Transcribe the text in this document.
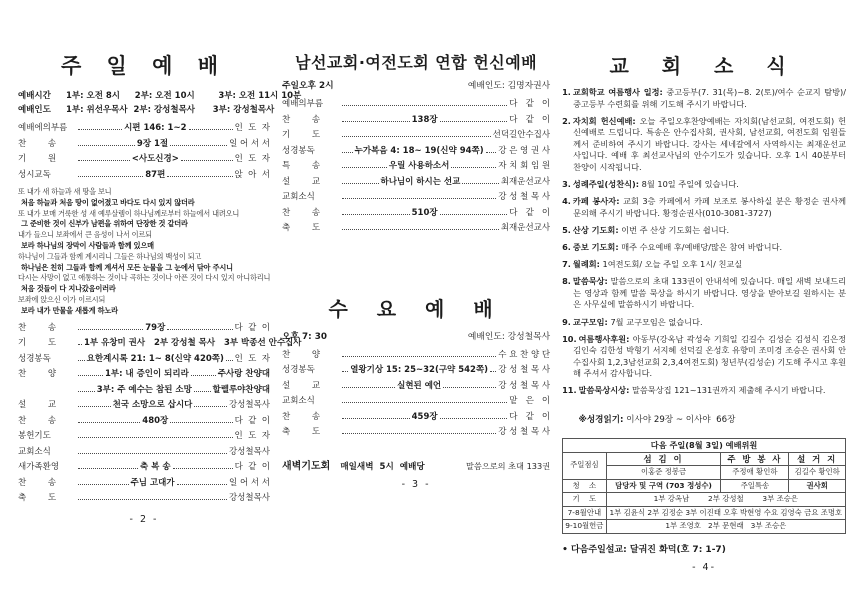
주 일 예 배
예배시간	1부: 오전 8시     2부: 오전 10시        3부: 오전 11시 10분
예배인도	1부: 위선우목사  2부: 강성철목사      3부: 강성철목사
예배에의부름	시편 146: 1~2	인  도  자
찬        송	9장 1절	일 어 서 서
기        원	<사도신경>	인  도  자
성시교독	87편	앉  아  서
또 내가 새 하늘과 새 땅을 보니
처음 하늘과 처음 땅이 없어졌고 바다도 다시 있지 않더라
또 내가 보매 거룩한 성 새 예루살렘이 하나님께로부터 하늘에서 내려오니
그 준비한 것이 신부가 남편을 위하여 단장한 것 같더라
내가 들으니 보좌에서 큰 음성이 나서 이르되
보라 하나님의 장막이 사람들과 함께 있으매
하나님이 그들과 함께 계시리니 그들은 하나님의 백성이 되고
하나님은 친히 그들과 함께 계셔서 모든 눈물을 그 눈에서 닦아 주시니
다시는 사망이 없고 애통하는 것이나 곡하는 것이나 아픈 것이 다시 있지 아니하리니
처음 것들이 다 지나갔음이러라
보좌에 앉으신 이가 이르시되
보라 내가 만물을 새롭게 하노라
찬        송	79장	다  같  이
기        도	1부 유창미 권사   2부 강성철 목사   3부 박종선 안수집사
성경봉독	요한계시록 21: 1~ 8(신약 420쪽) 인  도  자
찬        양	1부: 내 증인이 되리라	주사랑 찬양대
3부: 주 예수는 참된 소망 할렐루야찬양대
설        교	천국 소망으로 삽시다	강성철목사
찬        송	480장	다  같  이
봉헌기도	인  도  자
교회소식	강성철목사
새가족환영	축 복 송	다  같  이
찬        송	주님 고대가	일 어 서 서
축        도	강성철목사
- 2 -
남선교회·여전도회 연합 헌신예배
주일오후 2시	예배인도: 김명자권사
예배의부름	다   같   이
찬        송	138장	다   같   이
기        도	선덕길안수집사
성경봉독	누가복음 4: 18~ 19(신약 94쪽) 강 은 영 권 사
특        송	우릴 사용하소서	자 치 회 임 원
설        교	하나님이 하시는 선교	최재운선교사
교회소식	강 성 철 목 사
찬        송	510장	다   같   이
축        도	최재운선교사
수 요 예 배
오후 7: 30	예배인도: 강성철목사
찬        양	수 요 찬 양 단
성경봉독	열왕기상 15: 25~32(구약 542쪽) 강 성 철 목 사
설        교	실현된 예언	강 성 철 목 사
교회소식	맡   은   이
찬        송	459장	다   같   이
축        도	강 성 철 목 사
새벽기도회 매일새벽  5시  예배당	말씀으로의 초대 133권
- 3 -
교 회 소 식

1. 교회학교 여름행사 일정: 중고등부(7. 31(목)~8. 2(토)/여수 순교지 탐방)/중고등부 수련회를 위해 기도해 주시기 바랍니다.

2. 자치회 헌신예배: 오늘 주일오후찬양예배는 자치회(남선교회, 여전도회) 헌신예배로 드립니다. 특송은 안수집사회, 권사회, 남선교회, 여전도회 임원들께서 준비하여 주시기 바랍니다. 강사는 세네갈에서 사역하시는 최재운선교사입니다. 예배 후 최선교사님의 안수기도가 있습니다. 오후 1시 40분부터 찬양이 시작됩니다.

3. 성례주일(성찬식): 8월 10일 주일에 있습니다.

4. 카페 봉사자: 교회 3층 카페에서 카페 보조로 봉사하실 분은 황정순 권사께 문의해 주시기 바랍니다. 황정순권사(010-3081-3727)

5. 산상 기도회: 이번 주 산상 기도회는 쉽니다.

6. 중보 기도회: 매주 수요예배 후/예배당/많은 참여 바랍니다.

7. 월례회: 1여전도회/ 오늘 주일 오후 1시/ 친교실

8. 말씀묵상: 말씀으로의 초대 133권이 안내석에 있습니다. 매일 새벽 보내드리는 영상과 함께 말씀 묵상을 하시기 바랍니다. 영상을 받아보길 원하시는 분은 사무실에 말씀하시기 바랍니다.

9. 교구모임: 7월 교구모임은 없습니다.

10. 여름행사후원: 아동부(강옥남 곽성숙 기희일 김길수 김성순 김성식 김은정 김인숙 김한성 박형기 서지혜 선덕길 온성호 유향미 조미경 조승은 권사회 안수집사회 1,2,3남선교회 2,3,4여전도회) 청년부(김성순) 기도해 주시고 후원해 주셔서 감사합니다.

11. 말씀묵상시상: 말씀묵상집 121~131권까지 제출해 주시기 바랍니다.

※성경읽기: 이사야 29장 ~ 이사야  66장

다음 주일(8월 3일) 예배위원			
주일점심	섬 김 이	주 방 봉 사	설 거 지
	이홍준 정봉금	주정애 황인하	김길수 황인하
청    소	담당자 및 구역 (703 정성수)	주일특송	권사회
기    도	1부 강옥남        2부 강성철        3부 조승은		
7-8월안내	1부 김윤식 2부 김정순 3부 이진태 오후 박현영 수요 김영숙 금요 조명호		
9-10월헌금	1부 조영호   2부 문현래   3부 조승은		
• 다음주일설교: 달궈진 화덕(호 7: 1-7)
- 4-
